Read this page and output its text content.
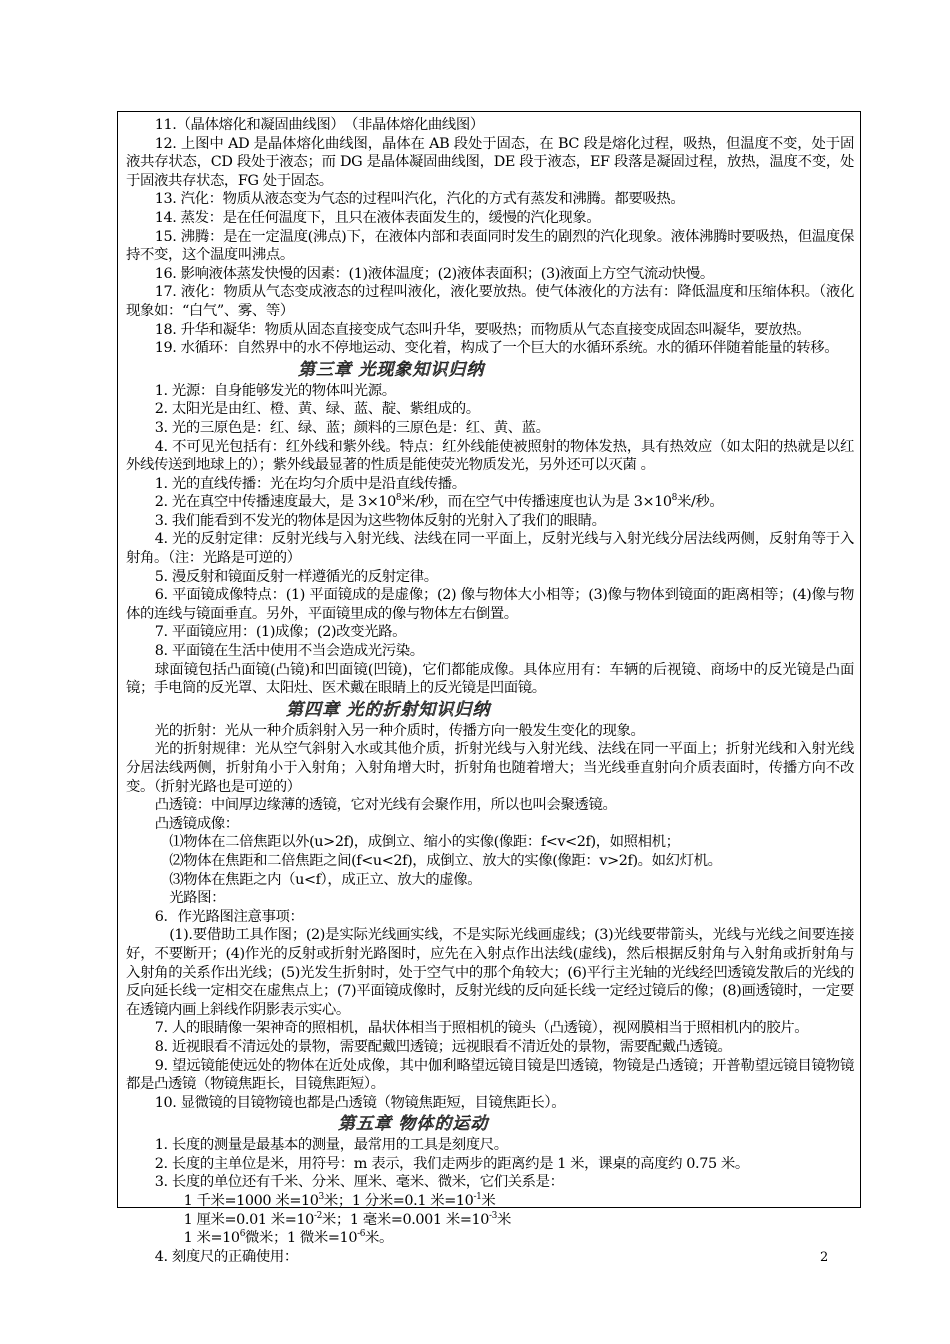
11.（晶体熔化和凝固曲线图）　（非晶体熔化曲线图）

12. 上图中 AD 是晶体熔化曲线图，晶体在 AB 段处于固态，在 BC 段是熔化过程，吸热，但温度不变，处于固液共存状态，CD 段处于液态；而 DG 是晶体凝固曲线图，DE 段于液态，EF 段落是凝固过程，放热，温度不变，处于固液共存状态，FG 处于固态。

13. 汽化：物质从液态变为气态的过程叫汽化，汽化的方式有蒸发和沸腾。都要吸热。

14. 蒸发：是在任何温度下，且只在液体表面发生的，缓慢的汽化现象。

15. 沸腾：是在一定温度(沸点)下，在液体内部和表面同时发生的剧烈的汽化现象。液体沸腾时要吸热，但温度保持不变，这个温度叫沸点。

16. 影响液体蒸发快慢的因素：(1)液体温度；(2)液体表面积；(3)液面上方空气流动快慢。

17. 液化：物质从气态变成液态的过程叫液化，液化要放热。使气体液化的方法有：降低温度和压缩体积。（液化现象如：“白气”、雾、等）

18. 升华和凝华：物质从固态直接变成气态叫升华，要吸热；而物质从气态直接变成固态叫凝华，要放热。

19. 水循环：自然界中的水不停地运动、变化着，构成了一个巨大的水循环系统。水的循环伴随着能量的转移。

第三章 光现象知识归纳

1. 光源：自身能够发光的物体叫光源。

2. 太阳光是由红、橙、黄、绿、蓝、靛、紫组成的。

3. 光的三原色是：红、绿、蓝；颜料的三原色是：红、黄、蓝。

4. 不可见光包括有：红外线和紫外线。特点：红外线能使被照射的物体发热，具有热效应（如太阳的热就是以红外线传送到地球上的）；紫外线最显著的性质是能使荧光物质发光，另外还可以灭菌 。

1. 光的直线传播：光在均匀介质中是沿直线传播。

2. 光在真空中传播速度最大，是 $3\times 10^8$米/秒，而在空气中传播速度也认为是 $3\times 10^8$米/秒。

3. 我们能看到不发光的物体是因为这些物体反射的光射入了我们的眼睛。

4. 光的反射定律：反射光线与入射光线、法线在同一平面上，反射光线与入射光线分居法线两侧，反射角等于入射角。（注：光路是可逆的）

5. 漫反射和镜面反射一样遵循光的反射定律。

6. 平面镜成像特点：(1) 平面镜成的是虚像；(2) 像与物体大小相等；(3)像与物体到镜面的距离相等；(4)像与物体的连线与镜面垂直。另外，平面镜里成的像与物体左右倒置。

7. 平面镜应用：(1)成像；(2)改变光路。

8. 平面镜在生活中使用不当会造成光污染。

球面镜包括凸面镜(凸镜)和凹面镜(凹镜)，它们都能成像。具体应用有：车辆的后视镜、商场中的反光镜是凸面镜；手电筒的反光罩、太阳灶、医术戴在眼睛上的反光镜是凹面镜。

第四章 光的折射知识归纳

光的折射：光从一种介质斜射入另一种介质时，传播方向一般发生变化的现象。

光的折射规律：光从空气斜射入水或其他介质，折射光线与入射光线、法线在同一平面上；折射光线和入射光线分居法线两侧，折射角小于入射角；入射角增大时，折射角也随着增大；当光线垂直射向介质表面时，传播方向不改变。（折射光路也是可逆的）

凸透镜：中间厚边缘薄的透镜，它对光线有会聚作用，所以也叫会聚透镜。

凸透镜成像：

⑴物体在二倍焦距以外(u>2f)，成倒立、缩小的实像(像距：f<v<2f)，如照相机；

⑵物体在焦距和二倍焦距之间(f<u<2f)，成倒立、放大的实像(像距：v>2f)。如幻灯机。

⑶物体在焦距之内（u<f），成正立、放大的虚像。

光路图：

6．作光路图注意事项：

(1).要借助工具作图；(2)是实际光线画实线，不是实际光线画虚线；(3)光线要带箭头，光线与光线之间要连接好，不要断开；(4)作光的反射或折射光路图时，应先在入射点作出法线(虚线)，然后根据反射角与入射角或折射角与入射角的关系作出光线；(5)光发生折射时，处于空气中的那个角较大；(6)平行主光轴的光线经凹透镜发散后的光线的反向延长线一定相交在虚焦点上；(7)平面镜成像时，反射光线的反向延长线一定经过镜后的像；(8)画透镜时，一定要在透镜内画上斜线作阴影表示实心。

7. 人的眼睛像一架神奇的照相机，晶状体相当于照相机的镜头（凸透镜），视网膜相当于照相机内的胶片。

8. 近视眼看不清远处的景物，需要配戴凹透镜；远视眼看不清近处的景物，需要配戴凸透镜。

9. 望远镜能使远处的物体在近处成像，其中伽利略望远镜目镜是凹透镜，物镜是凸透镜；开普勒望远镜目镜物镜都是凸透镜（物镜焦距长，目镜焦距短）。

10. 显微镜的目镜物镜也都是凸透镜（物镜焦距短，目镜焦距长）。

第五章 物体的运动

1. 长度的测量是最基本的测量，最常用的工具是刻度尺。

2. 长度的主单位是米，用符号：m 表示，我们走两步的距离约是 1 米，课桌的高度约 0.75 米。

3. 长度的单位还有千米、分米、厘米、毫米、微米，它们关系是：

1 千米=1000 米$=10^3$米；1 分米=0.1 米$=10^{-1}$米

1 厘米=0.01 米$=10^{-2}$米；1 毫米=0.001 米$=10^{-3}$米

1 米$=10^6$微米；1 微米$=10^{-6}$米。

4. 刻度尺的正确使用：	2
